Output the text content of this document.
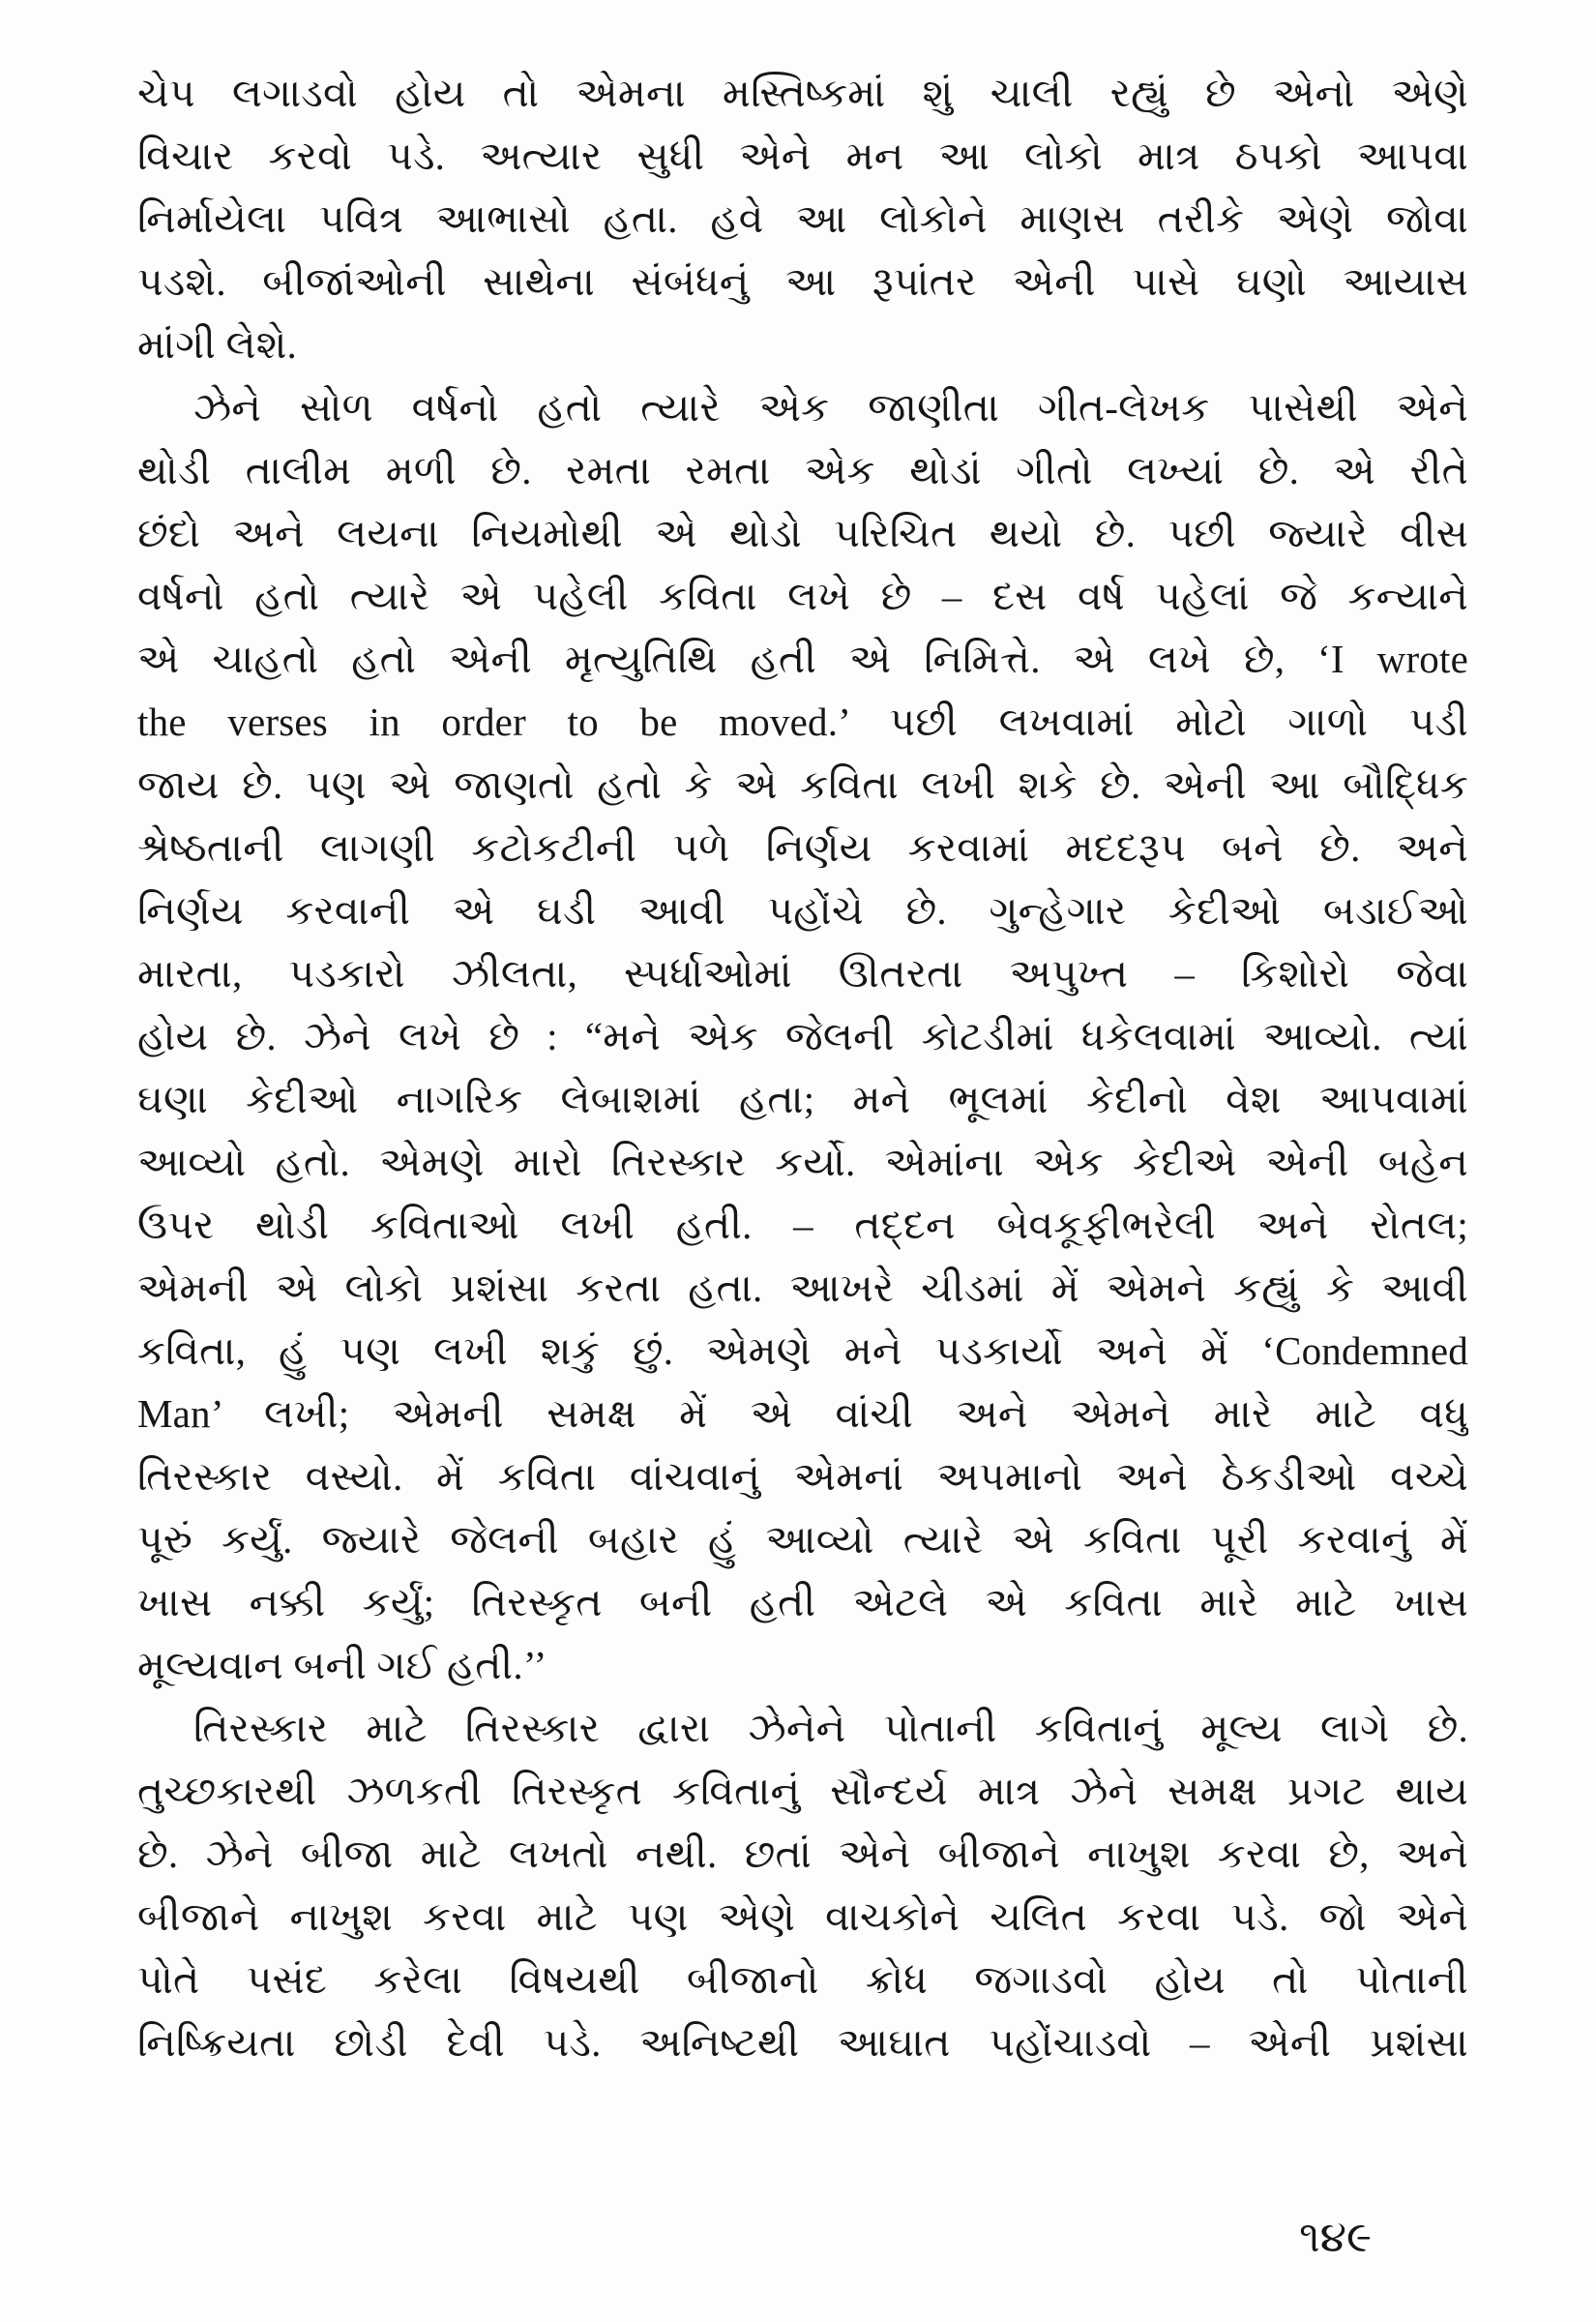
ચેપ લગાડવો હોય તો એમના મસ્તિષ્કમાં શું ચાલી રહ્યું છે એનો એણે
વિચાર કરવો પડે. અત્યાર સુધી એને મન આ લોકો માત્ર ઠપકો આપવા
નિર્માયેલા પવિત્ર આભાસો હતા. હવે આ લોકોને માણસ તરીકે એણે જોવા
પડશે. બીજાંઓની સાથેના સંબંધનું આ રૂપાંતર એની પાસે ઘણો આયાસ
માંગી લેશે.
ઝેને સોળ વર્ષનો હતો ત્યારે એક જાણીતા ગીત-લેખક પાસેથી એને
થોડી તાલીમ મળી છે. રમતા રમતા એક થોડાં ગીતો લખ્યાં છે. એ રીતે
છંદો અને લયના નિયમોથી એ થોડો પરિચિત થયો છે. પછી જ્યારે વીસ
વર્ષનો હતો ત્યારે એ પહેલી કવિતા લખે છે – દસ વર્ષ પહેલાં જે કન્યાને
એ ચાહતો હતો એની મૃત્યુતિથિ હતી એ નિમિત્તે. એ લખે છે, ‘I wrote
the verses in order to be moved.’ પછી લખવામાં મોટો ગાળો પડી
જાય છે. પણ એ જાણતો હતો કે એ કવિતા લખી શકે છે. એની આ બૌદ્ધિક
શ્રેષ્ઠતાની લાગણી કટોકટીની પળે નિર્ણય કરવામાં મદદરૂપ બને છે. અને
નિર્ણય કરવાની એ ઘડી આવી પહોંચે છે. ગુન્હેગાર કેદીઓ બડાઈઓ
મારતા, પડકારો ઝીલતા, સ્પર્ધાઓમાં ઊતરતા અપુખ્ત – કિશોરો જેવા
હોય છે. ઝેને લખે છે : “મને એક જેલની કોટડીમાં ધકેલવામાં આવ્યો. ત્યાં
ઘણા કેદીઓ નાગરિક લેબાશમાં હતા; મને ભૂલમાં કેદીનો વેશ આપવામાં
આવ્યો હતો. એમણે મારો તિરસ્કાર કર્યો. એમાંના એક કેદીએ એની બહેન
ઉપર થોડી કવિતાઓ લખી હતી. – તદ્દન બેવકૂફીભરેલી અને રોતલ;
એમની એ લોકો પ્રશંસા કરતા હતા. આખરે ચીડમાં મેં એમને કહ્યું કે આવી
કવિતા, હું પણ લખી શકું છું. એમણે મને પડકાર્યો અને મેં ‘Condemned
Man’ લખી; એમની સમક્ષ મેં એ વાંચી અને એમને મારે માટે વધુ
તિરસ્કાર વસ્યો. મેં કવિતા વાંચવાનું એમનાં અપમાનો અને ઠેકડીઓ વચ્ચે
પૂરું કર્યું. જ્યારે જેલની બહાર હું આવ્યો ત્યારે એ કવિતા પૂરી કરવાનું મેં
ખાસ નક્કી કર્યું; તિરસ્કૃત બની હતી એટલે એ કવિતા મારે માટે ખાસ
મૂલ્યવાન બની ગઈ હતી.’’
તિરસ્કાર માટે તિરસ્કાર દ્વારા ઝેનેને પોતાની કવિતાનું મૂલ્ય લાગે છે.
તુચ્છકારથી ઝળકતી તિરસ્કૃત કવિતાનું સૌન્દર્ય માત્ર ઝેને સમક્ષ પ્રગટ થાય
છે. ઝેને બીજા માટે લખતો નથી. છતાં એને બીજાને નાખુશ કરવા છે, અને
બીજાને નાખુશ કરવા માટે પણ એણે વાચકોને ચલિત કરવા પડે. જો એને
પોતે પસંદ કરેલા વિષયથી બીજાનો ક્રોધ જગાડવો હોય તો પોતાની
નિષ્ક્રિયતા છોડી દેવી પડે. અનિષ્ટથી આઘાત પહોંચાડવો – એની પ્રશંસા
૧૪૯
